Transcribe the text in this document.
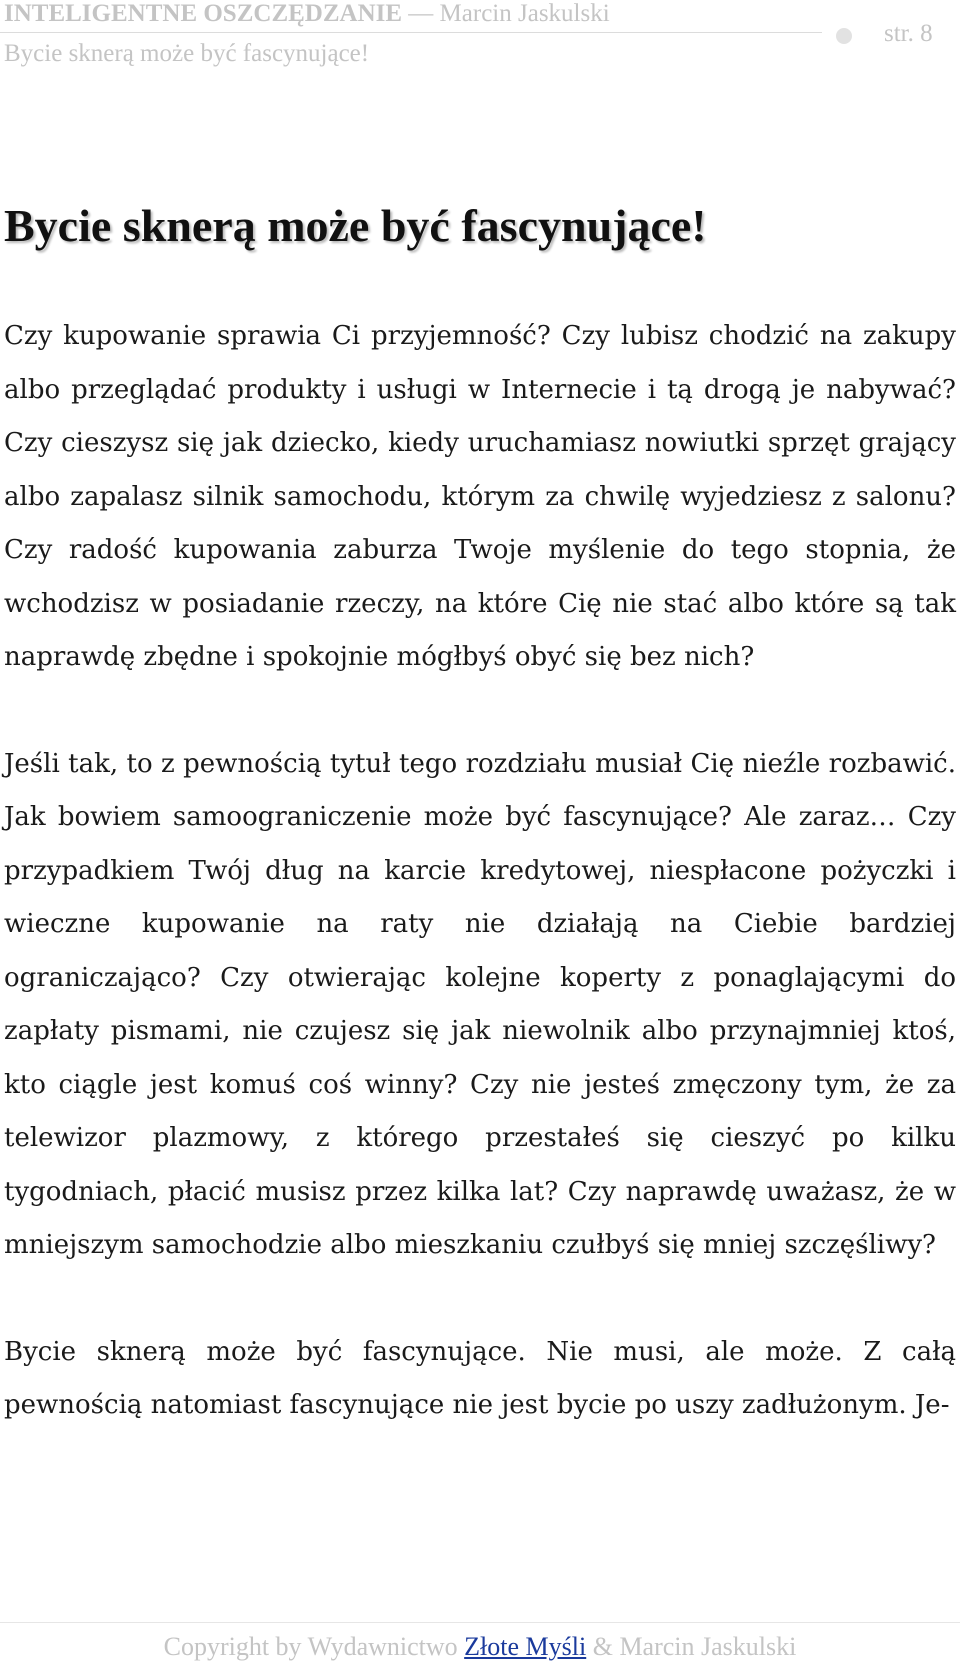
INTELIGENTNE OSZCZĘDZANIE — Marcin Jaskulski
Bycie sknerą może być fascynujące!
str. 8
Bycie sknerą może być fascynujące!

Czy kupowanie sprawia Ci przyjemność? Czy lubisz chodzić na zakupy albo przeglądać produkty i usługi w Internecie i tą drogą je nabywać? Czy cieszysz się jak dziecko, kiedy uruchamiasz nowiutki sprzęt grający albo zapalasz silnik samochodu, którym za chwilę wyjedziesz z salonu? Czy radość kupowania zaburza Twoje myślenie do tego stopnia, że wchodzisz w posiadanie rzeczy, na które Cię nie stać albo które są tak naprawdę zbędne i spokojnie mógłbyś obyć się bez nich?

Jeśli tak, to z pewnością tytuł tego rozdziału musiał Cię nieźle rozbawić. Jak bowiem samoograniczenie może być fascynujące? Ale zaraz… Czy przypadkiem Twój dług na karcie kredytowej, niespłacone pożyczki i wieczne kupowanie na raty nie działają na Ciebie bardziej ograniczająco? Czy otwierając kolejne koperty z ponaglającymi do zapłaty pismami, nie czujesz się jak niewolnik albo przynajmniej ktoś, kto ciągle jest komuś coś winny? Czy nie jesteś zmęczony tym, że za telewizor plazmowy, z którego przestałeś się cieszyć po kilku tygodniach, płacić musisz przez kilka lat? Czy naprawdę uważasz, że w mniejszym samochodzie albo mieszkaniu czułbyś się mniej szczęśliwy?

Bycie sknerą może być fascynujące. Nie musi, ale może. Z całą pewnością natomiast fascynujące nie jest bycie po uszy zadłużonym. Je-

Copyright by Wydawnictwo Złote Myśli & Marcin Jaskulski
